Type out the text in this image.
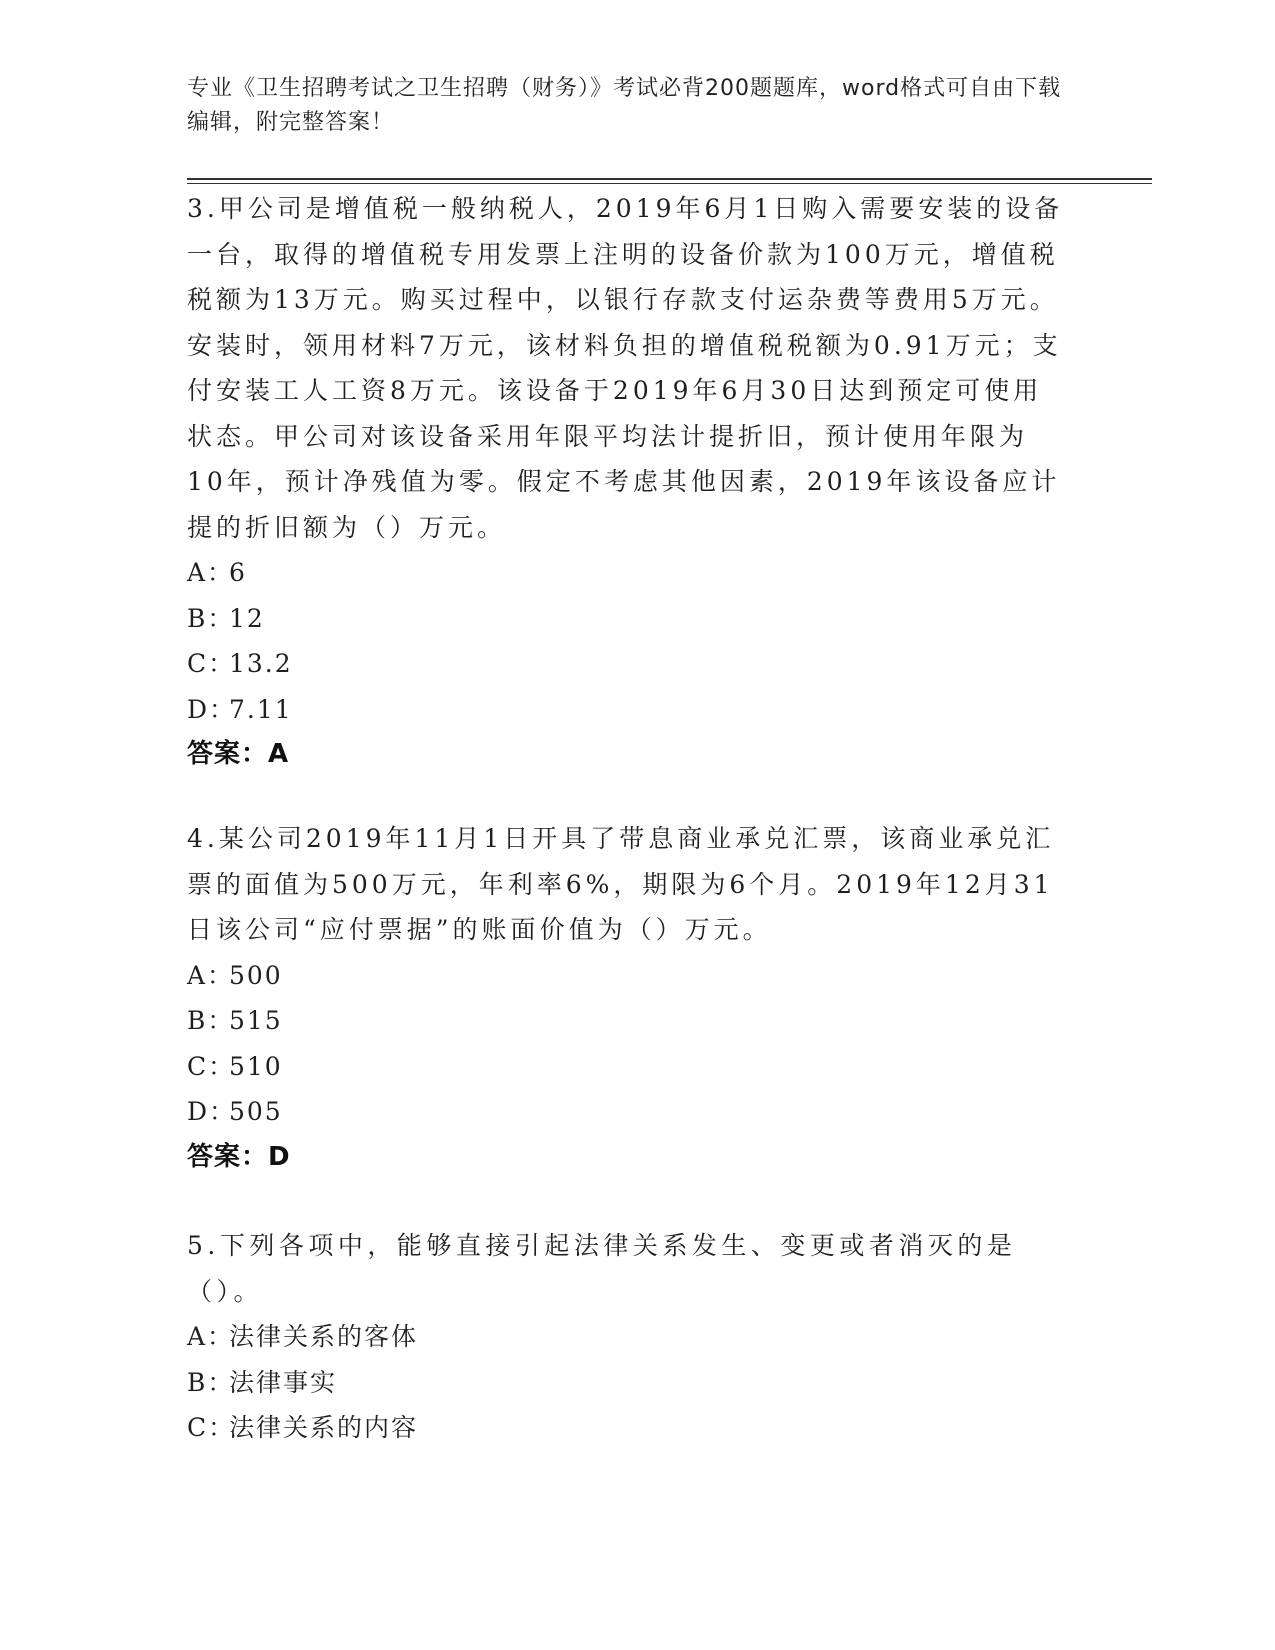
专业《卫生招聘考试之卫生招聘（财务）》考试必背200题题库，word格式可自由下载编辑，附完整答案！

3.甲公司是增值税一般纳税人，2019年6月1日购入需要安装的设备一台，取得的增值税专用发票上注明的设备价款为100万元，增值税税额为13万元。购买过程中，以银行存款支付运杂费等费用5万元。安装时，领用材料7万元，该材料负担的增值税税额为0.91万元；支付安装工人工资8万元。该设备于2019年6月30日达到预定可使用状态。甲公司对该设备采用年限平均法计提折旧，预计使用年限为10年，预计净残值为零。假定不考虑其他因素，2019年该设备应计提的折旧额为（）万元。

A：
6
B：
12
C：
13.2
D：
7.11
答案：A

4.某公司2019年11月1日开具了带息商业承兑汇票，该商业承兑汇票的面值为500万元，年利率6%，期限为6个月。2019年12月31日该公司“应付票据”的账面价值为（）万元。

A：
500
B：
515
C：
510
D：
505
答案：D

5.下列各项中，能够直接引起法律关系发生、变更或者消灭的是（）。

A：
法律关系的客体
B：
法律事实
C：
法律关系的内容
